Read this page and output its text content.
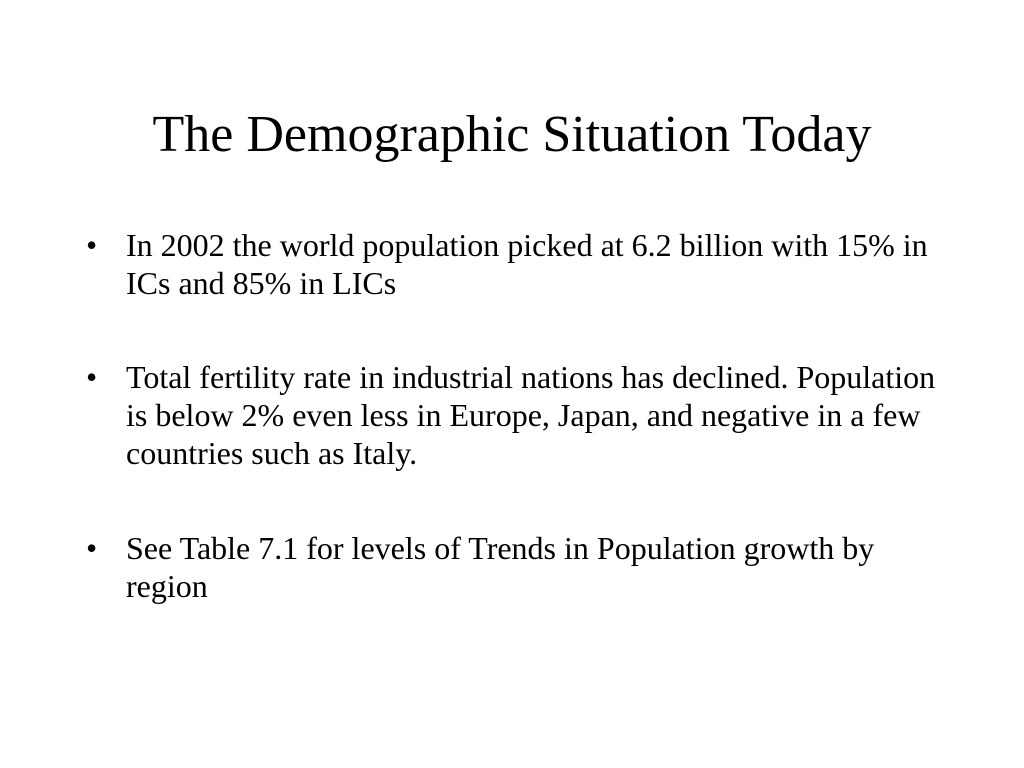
The Demographic Situation Today
• In 2002 the world population picked at 6.2 billion with 15% in ICs and 85% in LICs
• Total fertility rate in industrial nations has declined. Population is below 2% even less in Europe, Japan, and negative in a few countries such as Italy.
• See Table 7.1 for levels of Trends in Population growth by region
